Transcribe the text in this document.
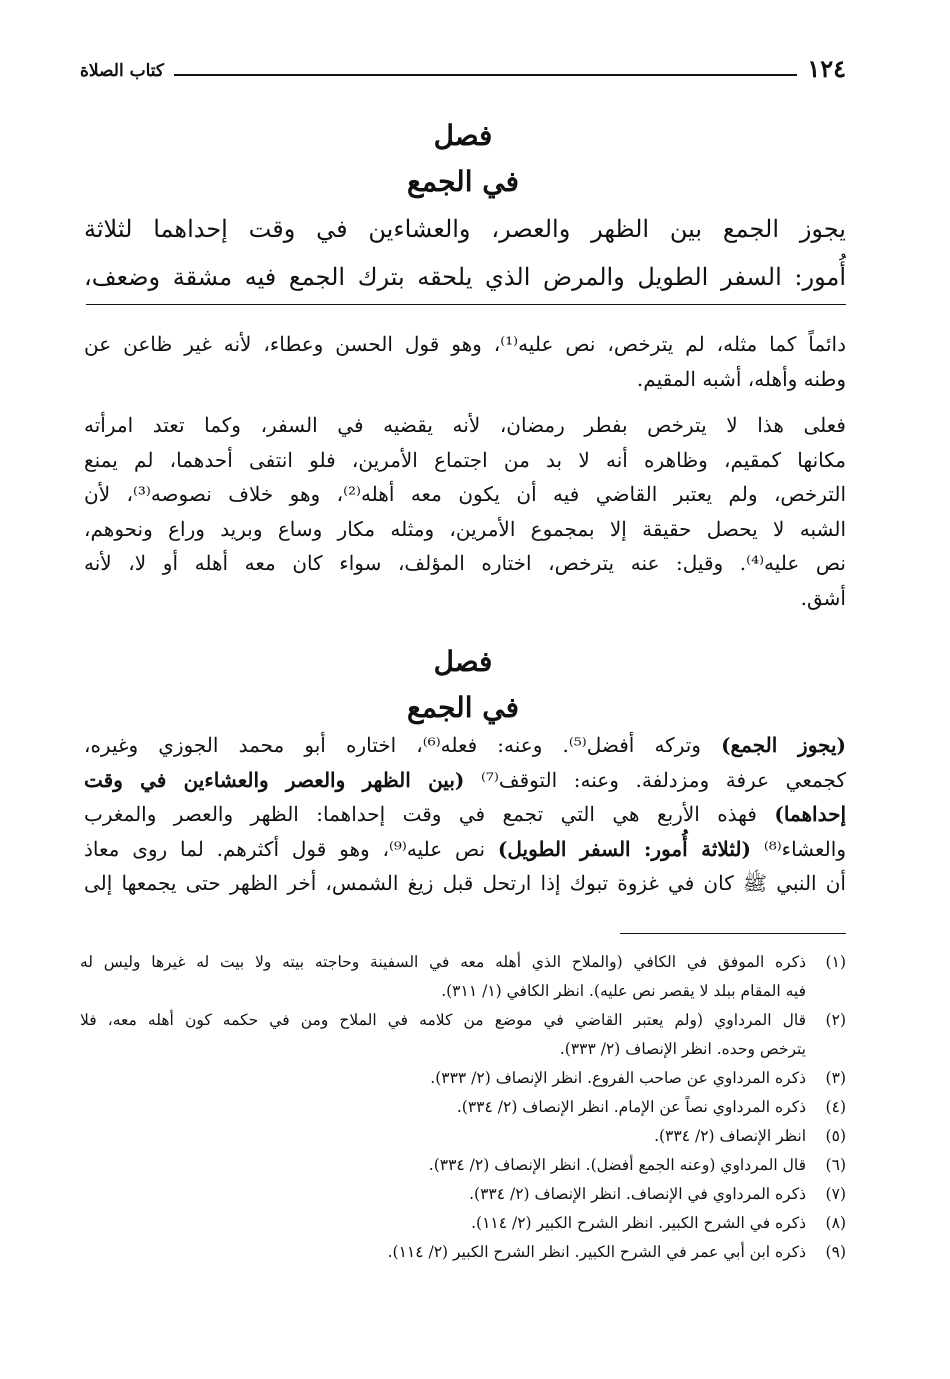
١٢٤
كتاب الصلاة
فصل
في الجمع

يجوز الجمع بين الظهر والعصر، والعشاءين في وقت إحداهما لثلاثة
أُمور: السفر الطويل والمرض الذي يلحقه بترك الجمع فيه مشقة وضعف،

دائماً كما مثله، لم يترخص، نص عليه⁽¹⁾، وهو قول الحسن وعطاء، لأنه غير ظاعن عن
وطنه وأهله، أشبه المقيم.

فعلى هذا لا يترخص بفطر رمضان، لأنه يقضيه في السفر، وكما تعتد امرأته
مكانها كمقيم، وظاهره أنه لا بد من اجتماع الأمرين، فلو انتفى أحدهما، لم يمنع
الترخص، ولم يعتبر القاضي فيه أن يكون معه أهله⁽²⁾، وهو خلاف نصوصه⁽³⁾، لأن
الشبه لا يحصل حقيقة إلا بمجموع الأمرين، ومثله مكار وساع وبريد وراع ونحوهم،
نص عليه⁽⁴⁾. وقيل: عنه يترخص، اختاره المؤلف، سواء كان معه أهله أو لا، لأنه
أشق.

فصل
في الجمع

(يجوز الجمع) وتركه أفضل⁽⁵⁾. وعنه: فعله⁽⁶⁾، اختاره أبو محمد الجوزي وغيره،
كجمعي عرفة ومزدلفة. وعنه: التوقف⁽⁷⁾ (بين الظهر والعصر والعشاءين في وقت
إحداهما) فهذه الأربع هي التي تجمع في وقت إحداهما: الظهر والعصر والمغرب
والعشاء⁽⁸⁾ (لثلاثة أُمور: السفر الطويل) نص عليه⁽⁹⁾، وهو قول أكثرهم. لما روى معاذ
أن النبي ﷺ كان في غزوة تبوك إذا ارتحل قبل زيغ الشمس، أخر الظهر حتى يجمعها إلى

(١)
ذكره الموفق في الكافي (والملاح الذي أهله معه في السفينة وحاجته بيته ولا بيت له غيرها وليس له
فيه المقام ببلد لا يقصر نص عليه). انظر الكافي (١/ ٣١١).
(٢)
قال المرداوي (ولم يعتبر القاضي في موضع من كلامه في الملاح ومن في حكمه كون أهله معه، فلا
يترخص وحده. انظر الإنصاف (٢/ ٣٣٣).
(٣)
ذكره المرداوي عن صاحب الفروع. انظر الإنصاف (٢/ ٣٣٣).
(٤)
ذكره المرداوي نصاً عن الإمام. انظر الإنصاف (٢/ ٣٣٤).
(٥)
انظر الإنصاف (٢/ ٣٣٤).
(٦)
قال المرداوي (وعنه الجمع أفضل). انظر الإنصاف (٢/ ٣٣٤).
(٧)
ذكره المرداوي في الإنصاف. انظر الإنصاف (٢/ ٣٣٤).
(٨)
ذكره في الشرح الكبير. انظر الشرح الكبير (٢/ ١١٤).
(٩)
ذكره ابن أبي عمر في الشرح الكبير. انظر الشرح الكبير (٢/ ١١٤).
